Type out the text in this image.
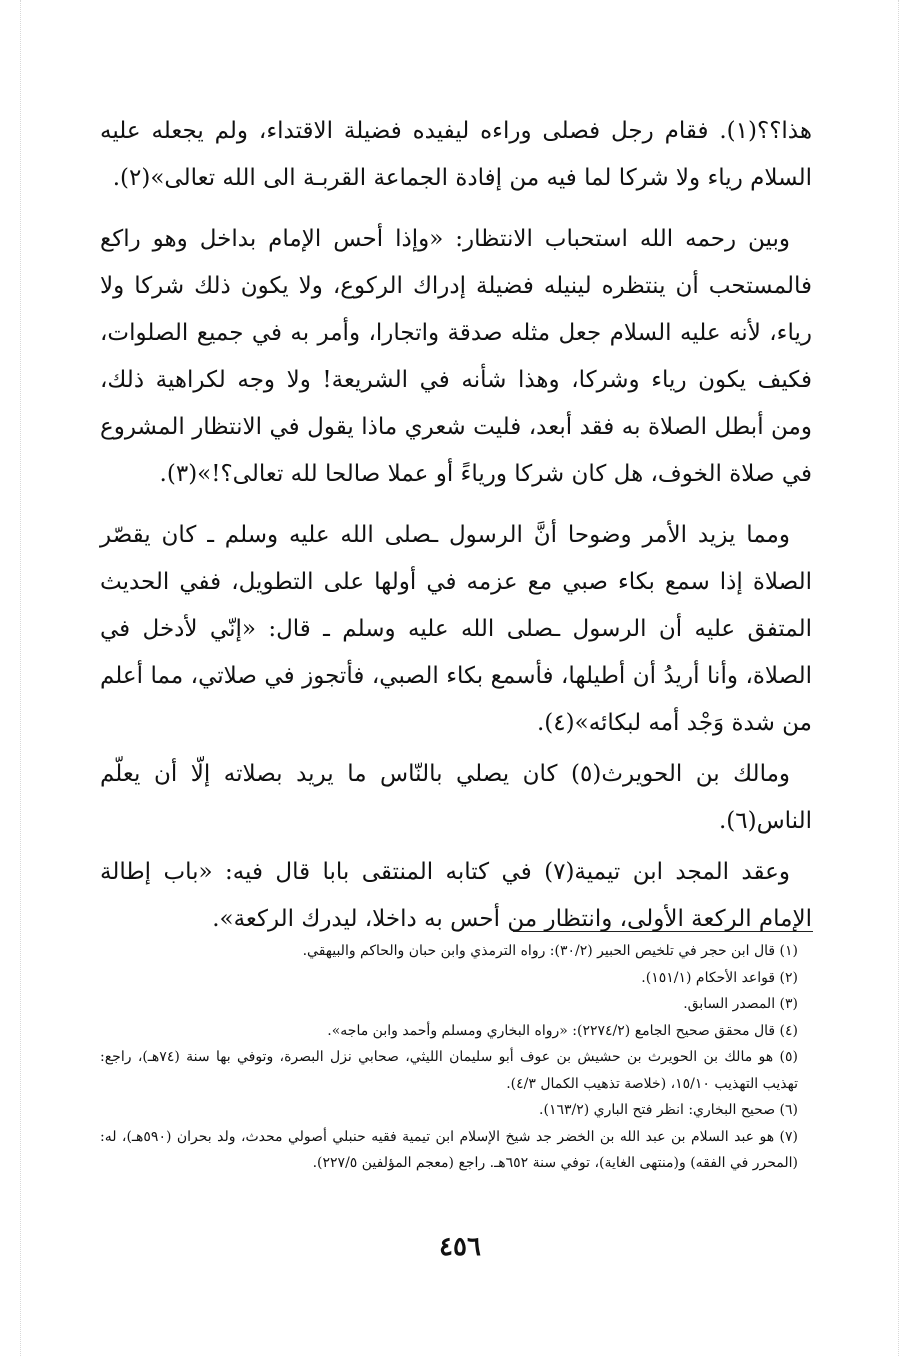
هذا؟؟(١). فقام رجل فصلى وراءه ليفيده فضيلة الاقتداء، ولم يجعله عليه السلام رياء ولا شركا لما فيه من إفادة الجماعة القربـة الى الله تعالى»(٢).

وبين رحمه الله استحباب الانتظار: «وإذا أحس الإمام بداخل وهو راكع فالمستحب أن ينتظره لينيله فضيلة إدراك الركوع، ولا يكون ذلك شركا ولا رياء، لأنه عليه السلام جعل مثله صدقة واتجارا، وأمر به في جميع الصلوات، فكيف يكون رياء وشركا، وهذا شأنه في الشريعة! ولا وجه لكراهية ذلك، ومن أبطل الصلاة به فقد أبعد، فليت شعري ماذا يقول في الانتظار المشروع في صلاة الخوف، هل كان شركا ورياءً أو عملا صالحا لله تعالى؟!»(٣).

ومما يزيد الأمر وضوحا أنَّ الرسول ـصلى الله عليه وسلم ـ كان يقصّر الصلاة إذا سمع بكاء صبي مع عزمه في أولها على التطويل، ففي الحديث المتفق عليه أن الرسول ـصلى الله عليه وسلم ـ قال: «إنّي لأدخل في الصلاة، وأنا أريدُ أن أطيلها، فأسمع بكاء الصبي، فأتجوز في صلاتي، مما أعلم من شدة وَجْد أمه لبكائه»(٤).

ومالك بن الحويرث(٥) كان يصلي بالنّاس ما يريد بصلاته إلّا أن يعلّم الناس(٦).

وعقد المجد ابن تيمية(٧) في كتابه المنتقى بابا قال فيه: «باب إطالة الإمام الركعة الأولى، وانتظار من أحس به داخلا، ليدرك الركعة».

(١) قال ابن حجر في تلخيص الحبير (٣٠/٢): رواه الترمذي وابن حبان والحاكم والبيهقي.

(٢) قواعد الأحكام (١٥١/١).

(٣) المصدر السابق.

(٤) قال محقق صحيح الجامع (٢٢٧٤/٢): «رواه البخاري ومسلم وأحمد وابن ماجه».

(٥) هو مالك بن الحويرث بن حشيش بن عوف أبو سليمان الليثي، صحابي نزل البصرة، وتوفي بها سنة (٧٤هـ)، راجع: تهذيب التهذيب ١٥/١٠، (خلاصة تذهيب الكمال ٤/٣).

(٦) صحيح البخاري: انظر فتح الباري (١٦٣/٢).

(٧) هو عبد السلام بن عبد الله بن الخضر جد شيخ الإسلام ابن تيمية فقيه حنبلي أصولي محدث، ولد بحران (٥٩٠هـ)، له: (المحرر في الفقه) و(منتهى الغاية)، توفي سنة ٦٥٢هـ. راجع (معجم المؤلفين ٢٢٧/٥).

٤٥٦
